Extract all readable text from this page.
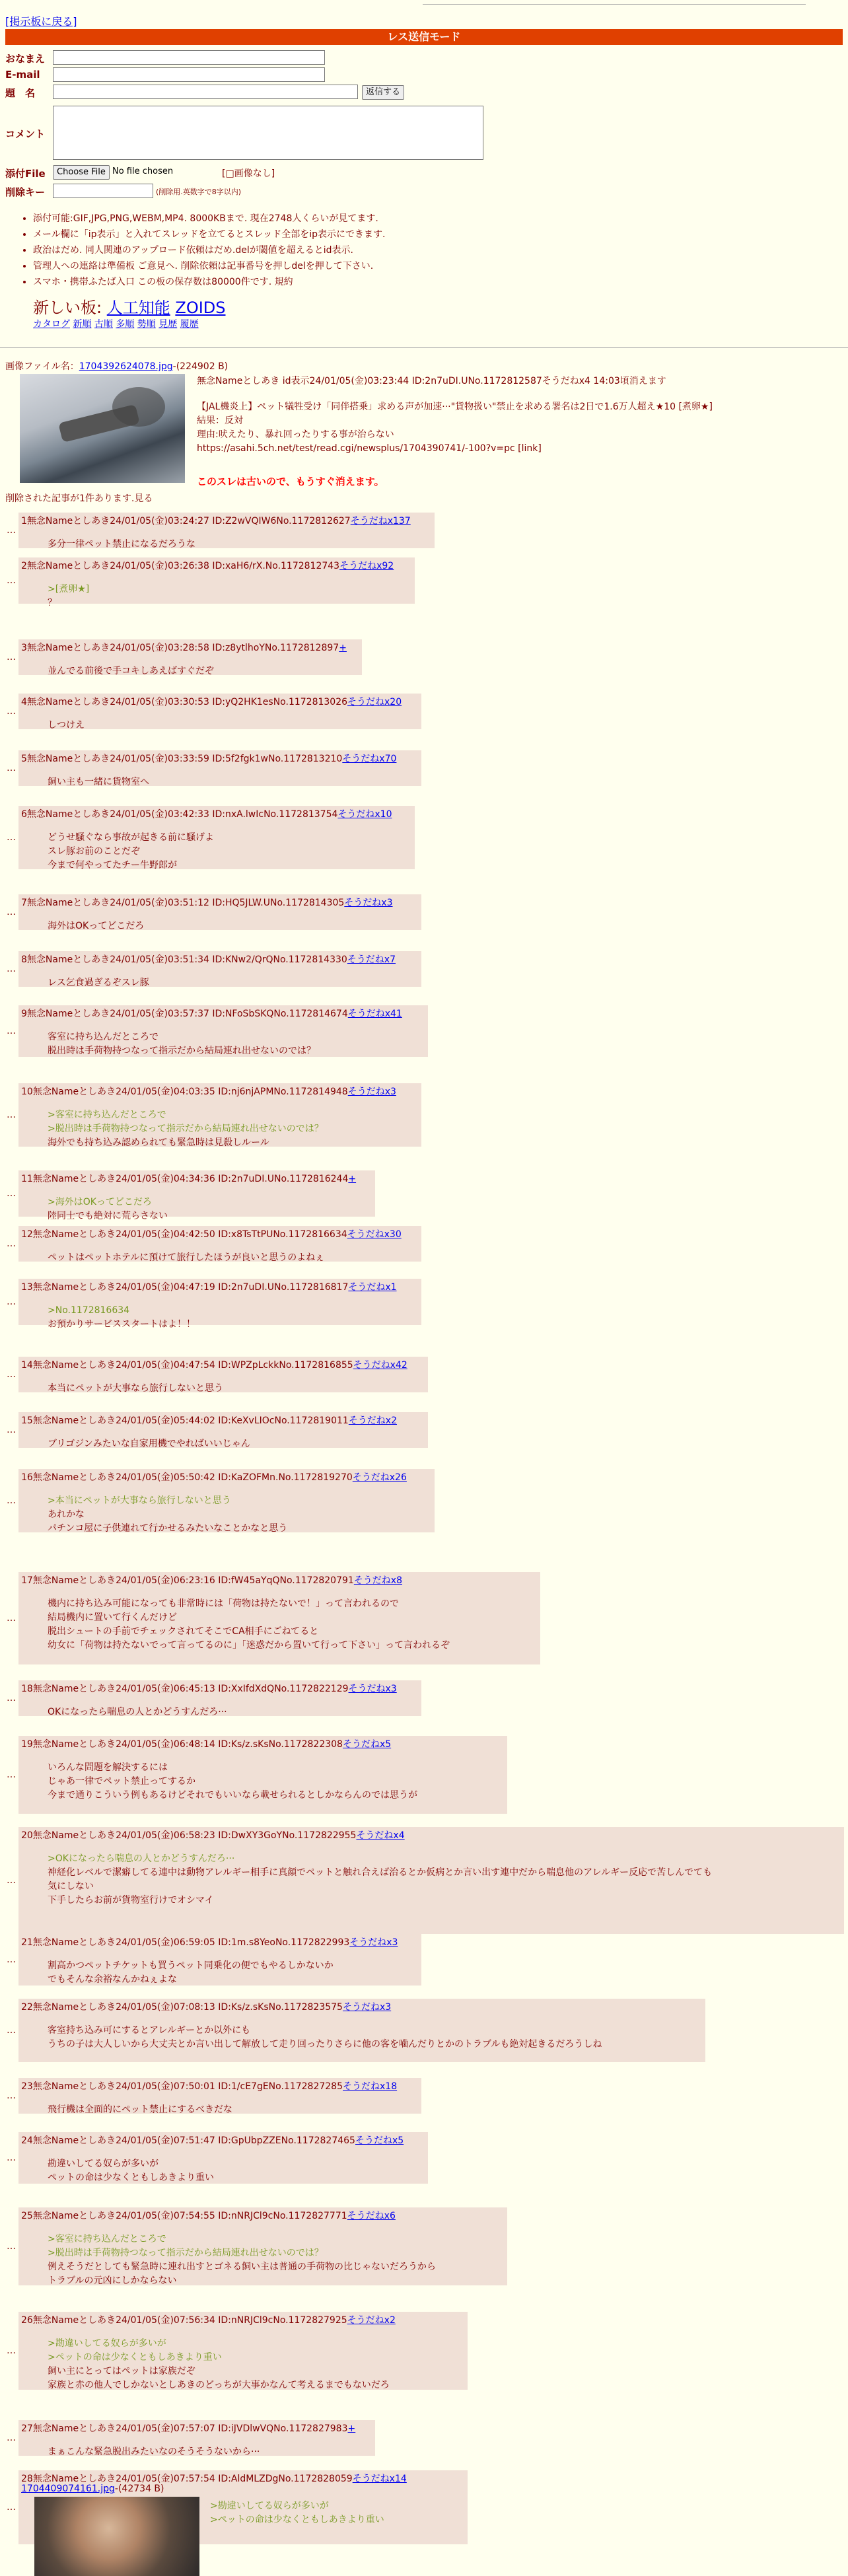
[掲示板に戻る]
レス送信モード
おなまえ
E-mail
題　名	返信する
コメント
添付File	Choose File No file chosen	[□画像なし]
削除キー	(削除用.英数字で8字以内)
• 添付可能:GIF,JPG,PNG,WEBM,MP4. 8000KBまで. 現在2748人くらいが見てます.
• メール欄に「ip表示」と入れてスレッドを立てるとスレッド全部をip表示にできます.
• 政治はだめ. 同人関連のアップロード依頼はだめ.delが閾値を超えるとid表示.
• 管理人への連絡は準備板 ご意見へ. 削除依頼は記事番号を押しdelを押して下さい.
• スマホ・携帯ふたば入口 この板の保存数は80000件です. 規約
新しい板: 人工知能 ZOIDS
カタログ 新順 古順 多順 勢順 見歴 履歴
画像ファイル名：1704392624078.jpg-(224902 B)
無念Nameとしあき id表示24/01/05(金)03:23:44 ID:2n7uDI.UNo.1172812587そうだねx4 14:03頃消えます
【JAL機炎上】ペット犠牲受け「同伴搭乗」求める声が加速···"貨物扱い"禁止を求める署名は2日で1.6万人超え★10 [煮卵★]
結果：反対
理由:吠えたり、暴れ回ったりする事が治らない
https://asahi.5ch.net/test/read.cgi/newsplus/1704390741/-100?v=pc [link]
このスレは古いので、もうすぐ消えます。
削除された記事が1件あります.見る
1無念Nameとしあき24/01/05(金)03:24:27 ID:Z2wVQIW6No.1172812627そうだねx137
多分一律ペット禁止になるだろうな
…
2無念Nameとしあき24/01/05(金)03:26:38 ID:xaH6/rX.No.1172812743そうだねx92
>[煮卵★]
？
…
3無念Nameとしあき24/01/05(金)03:28:58 ID:z8ytlhoYNo.1172812897+
並んでる前後で手コキしあえばすぐだぞ
…
4無念Nameとしあき24/01/05(金)03:30:53 ID:yQ2HK1esNo.1172813026そうだねx20
しつけえ
…
5無念Nameとしあき24/01/05(金)03:33:59 ID:5f2fgk1wNo.1172813210そうだねx70
飼い主も一緒に貨物室へ
…
6無念Nameとしあき24/01/05(金)03:42:33 ID:nxA.lwIcNo.1172813754そうだねx10
どうせ騒ぐなら事故が起きる前に騒げよ
スレ豚お前のことだぞ
今まで何やってたチー牛野郎が
…
7無念Nameとしあき24/01/05(金)03:51:12 ID:HQ5JLW.UNo.1172814305そうだねx3
海外はOKってどこだろ
…
8無念Nameとしあき24/01/05(金)03:51:34 ID:KNw2/QrQNo.1172814330そうだねx7
レス乞食過ぎるぞスレ豚
…
9無念Nameとしあき24/01/05(金)03:57:37 ID:NFoSbSKQNo.1172814674そうだねx41
客室に持ち込んだところで
脱出時は手荷物持つなって指示だから結局連れ出せないのでは？
…
10無念Nameとしあき24/01/05(金)04:03:35 ID:nj6njAPMNo.1172814948そうだねx3
>客室に持ち込んだところで
>脱出時は手荷物持つなって指示だから結局連れ出せないのでは？
海外でも持ち込み認められても緊急時は見殺しルール
…
11無念Nameとしあき24/01/05(金)04:34:36 ID:2n7uDI.UNo.1172816244+
>海外はOKってどこだろ
陸同士でも絶対に荒らさない
…
12無念Nameとしあき24/01/05(金)04:42:50 ID:x8TsTtPUNo.1172816634そうだねx30
ペットはペットホテルに預けて旅行したほうが良いと思うのよねぇ
…
13無念Nameとしあき24/01/05(金)04:47:19 ID:2n7uDI.UNo.1172816817そうだねx1
>No.1172816634
お預かりサービススタートはよ！！
…
14無念Nameとしあき24/01/05(金)04:47:54 ID:WPZpLckkNo.1172816855そうだねx42
本当にペットが大事なら旅行しないと思う
…
15無念Nameとしあき24/01/05(金)05:44:02 ID:KeXvLIOcNo.1172819011そうだねx2
ブリゴジンみたいな自家用機でやればいいじゃん
…
16無念Nameとしあき24/01/05(金)05:50:42 ID:KaZOFMn.No.1172819270そうだねx26
>本当にペットが大事なら旅行しないと思う
あれかな
パチンコ屋に子供連れて行かせるみたいなことかなと思う
…
17無念Nameとしあき24/01/05(金)06:23:16 ID:fW45aYqQNo.1172820791そうだねx8
機内に持ち込み可能になっても非常時には「荷物は持たないで！」って言われるので
結局機内に置いて行くんだけど
脱出シュートの手前でチェックされてそこでCA相手にごねてると
幼女に「荷物は持たないでって言ってるのに」「迷惑だから置いて行って下さい」って言われるぞ
…
18無念Nameとしあき24/01/05(金)06:45:13 ID:XxIfdXdQNo.1172822129そうだねx3
OKになったら喘息の人とかどうすんだろ···
…
19無念Nameとしあき24/01/05(金)06:48:14 ID:Ks/z.sKsNo.1172822308そうだねx5
いろんな問題を解決するには
じゃあ一律でペット禁止ってするか
今まで通りこういう例もあるけどそれでもいいなら載せられるとしかならんのでは思うが
…
20無念Nameとしあき24/01/05(金)06:58:23 ID:DwXY3GoYNo.1172822955そうだねx4
>OKになったら喘息の人とかどうすんだろ···
神経化レベルで潔癖してる連中は動物アレルギー相手に真顔でペットと触れ合えば治るとか仮病とか言い出す連中だから喘息他のアレルギー反応で苦しんでても
気にしない
下手したらお前が貨物室行けでオシマイ
…
21無念Nameとしあき24/01/05(金)06:59:05 ID:1m.s8YeoNo.1172822993そうだねx3
割高かつペットチケットも買うペット同乗化の便でもやるしかないか
でもそんな余裕なんかねぇよな
…
22無念Nameとしあき24/01/05(金)07:08:13 ID:Ks/z.sKsNo.1172823575そうだねx3
客室持ち込み可にするとアレルギーとか以外にも
うちの子は大人しいから大丈夫とか言い出して解放して走り回ったりさらに他の客を噛んだりとかのトラブルも絶対起きるだろうしね
…
23無念Nameとしあき24/01/05(金)07:50:01 ID:1/cE7gENo.1172827285そうだねx18
飛行機は全面的にペット禁止にするべきだな
…
24無念Nameとしあき24/01/05(金)07:51:47 ID:GpUbpZZENo.1172827465そうだねx5
勘違いしてる奴らが多いが
ペットの命は少なくともしあきより重い
…
25無念Nameとしあき24/01/05(金)07:54:55 ID:nNRJCl9cNo.1172827771そうだねx6
>客室に持ち込んだところで
>脱出時は手荷物持つなって指示だから結局連れ出せないのでは？
例えそうだとしても緊急時に連れ出すとゴネる飼い主は普通の手荷物の比じゃないだろうから
トラブルの元凶にしかならない
…
26無念Nameとしあき24/01/05(金)07:56:34 ID:nNRJCl9cNo.1172827925そうだねx2
>勘違いしてる奴らが多いが
>ペットの命は少なくともしあきより重い
飼い主にとってはペットは家族だぞ
家族と赤の他人でしかないとしあきのどっちが大事かなんて考えるまでもないだろ
…
27無念Nameとしあき24/01/05(金)07:57:07 ID:iJVDlwVQNo.1172827983+
まぁこんな緊急脱出みたいなのそうそうないから···
…
28無念Nameとしあき24/01/05(金)07:57:54 ID:AldMLZDgNo.1172828059そうだねx14
1704409074161.jpg-(42734 B)
>勘違いしてる奴らが多いが
>ペットの命は少なくともしあきより重い
…
